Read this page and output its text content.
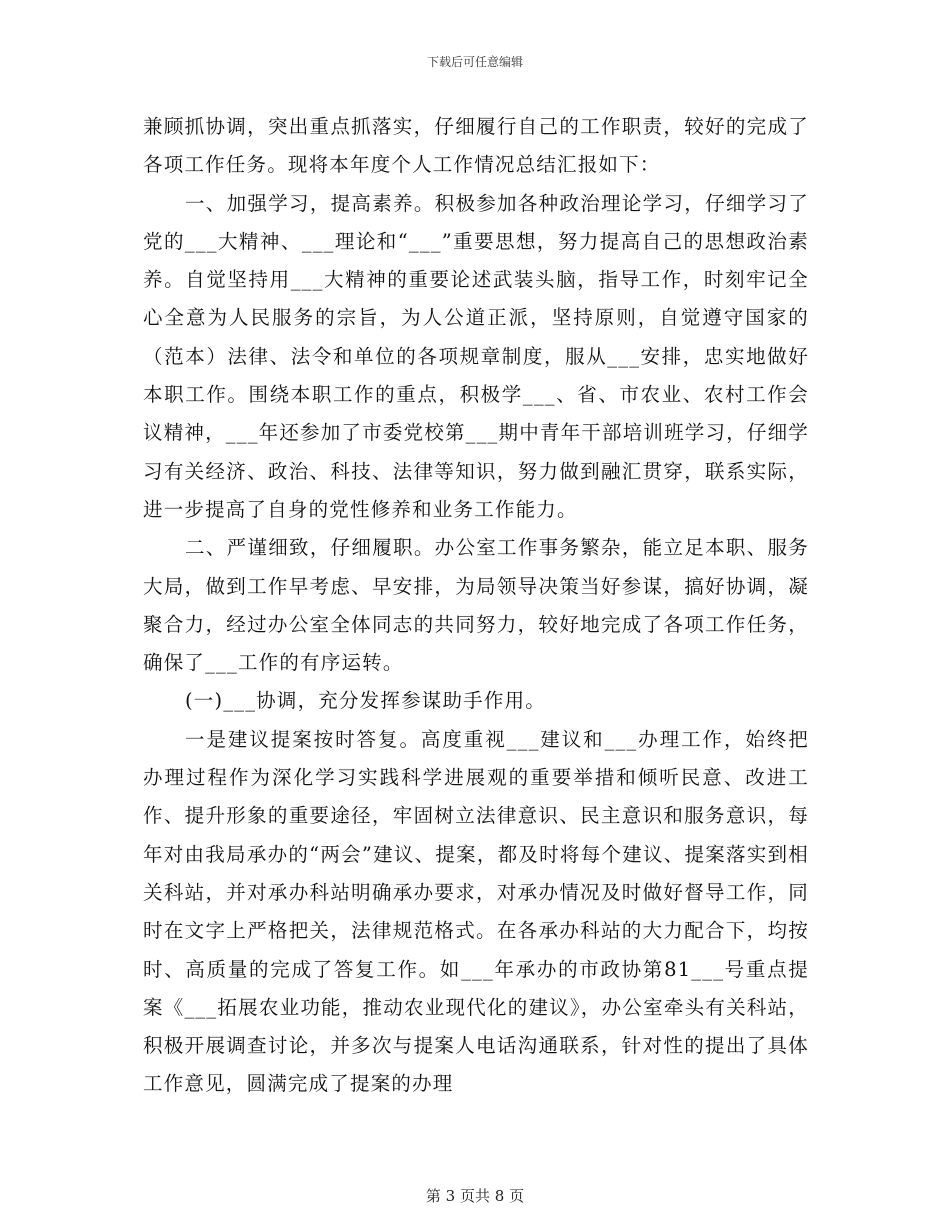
下载后可任意编辑

兼顾抓协调，突出重点抓落实，仔细履行自己的工作职责，较好的完成了各项工作任务。现将本年度个人工作情况总结汇报如下：

一、加强学习，提高素养。积极参加各种政治理论学习，仔细学习了党的___大精神、___理论和“___”重要思想，努力提高自己的思想政治素养。自觉坚持用___大精神的重要论述武装头脑，指导工作，时刻牢记全心全意为人民服务的宗旨，为人公道正派，坚持原则，自觉遵守国家的（范本）法律、法令和单位的各项规章制度，服从___安排，忠实地做好本职工作。围绕本职工作的重点，积极学___、省、市农业、农村工作会议精神，___年还参加了市委党校第___期中青年干部培训班学习，仔细学习有关经济、政治、科技、法律等知识，努力做到融汇贯穿，联系实际，进一步提高了自身的党性修养和业务工作能力。

二、严谨细致，仔细履职。办公室工作事务繁杂，能立足本职、服务大局，做到工作早考虑、早安排，为局领导决策当好参谋，搞好协调，凝聚合力，经过办公室全体同志的共同努力，较好地完成了各项工作任务，确保了___工作的有序运转。

(一)___协调，充分发挥参谋助手作用。

一是建议提案按时答复。高度重视___建议和___办理工作，始终把办理过程作为深化学习实践科学进展观的重要举措和倾听民意、改进工作、提升形象的重要途径，牢固树立法律意识、民主意识和服务意识，每年对由我局承办的“两会”建议、提案，都及时将每个建议、提案落实到相关科站，并对承办科站明确承办要求，对承办情况及时做好督导工作，同时在文字上严格把关，法律规范格式。在各承办科站的大力配合下，均按时、高质量的完成了答复工作。如___年承办的市政协第81___号重点提案《___拓展农业功能，推动农业现代化的建议》，办公室牵头有关科站，积极开展调查讨论，并多次与提案人电话沟通联系，针对性的提出了具体工作意见，圆满完成了提案的办理

第 3 页共 8 页
